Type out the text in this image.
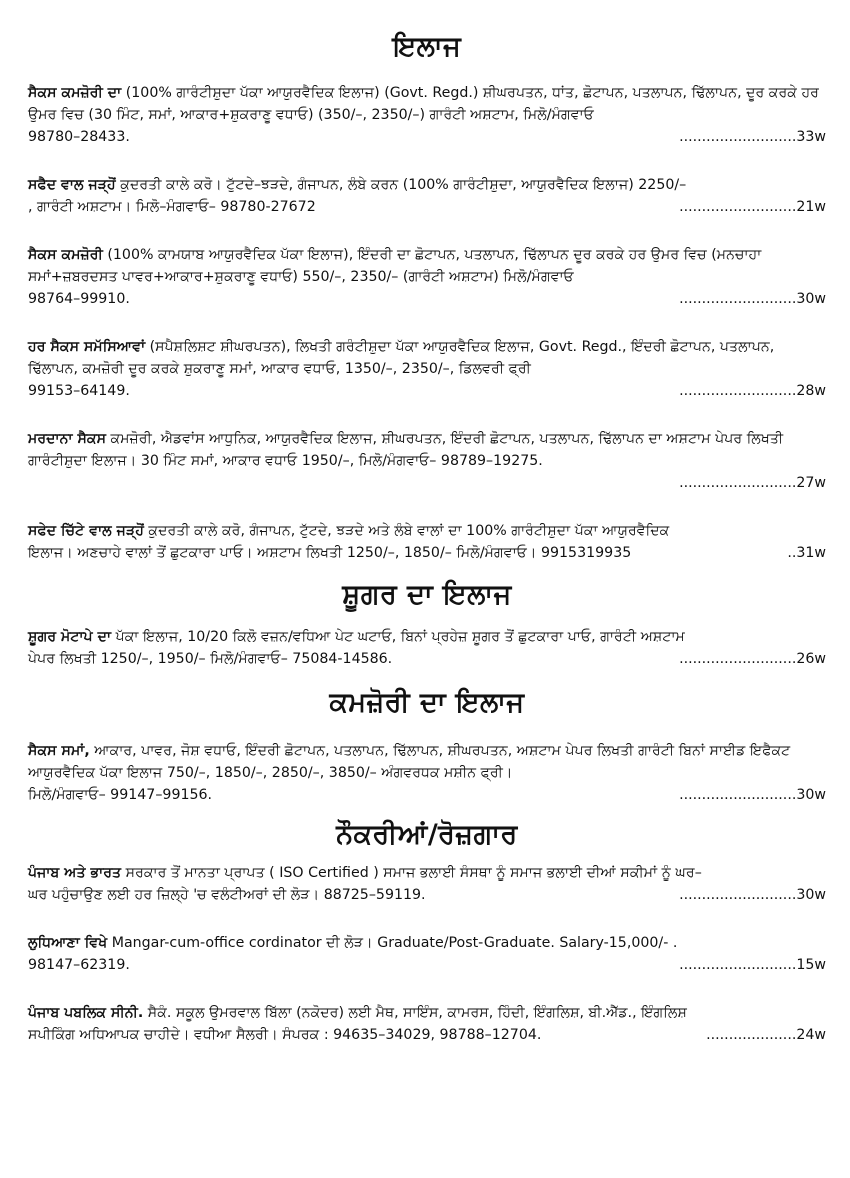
ਇਲਾਜ
ਸੈਕਸ ਕਮਜ਼ੋਰੀ ਦਾ (100% ਗਾਰੰਟੀਸ਼ੁਦਾ ਪੱਕਾ ਆਯੁਰਵੈਦਿਕ ਇਲਾਜ) (Govt. Regd.) ਸ਼ੀਘਰਪਤਨ, ਧਾਂਤ, ਛੋਟਾਪਨ, ਪਤਲਾਪਨ, ਢਿੱਲਾਪਨ, ਦੂਰ ਕਰਕੇ ਹਰ ਉਮਰ ਵਿਚ (30 ਮਿੰਟ, ਸਮਾਂ, ਆਕਾਰ+ਸ਼ੁਕਰਾਣੂ ਵਧਾਓ) (350/–, 2350/–) ਗਾਰੰਟੀ ਅਸ਼ਟਾਮ, ਮਿਲੋ/ਮੰਗਵਾਓ
98780–28433.	..........................33w
ਸਫੈਦ ਵਾਲ ਜੜ੍ਹੋਂ ਕੁਦਰਤੀ ਕਾਲੇ ਕਰੋ। ਟੁੱਟਦੇ–ਝੜਦੇ, ਗੰਜਾਪਨ, ਲੰਬੇ ਕਰਨ (100% ਗਾਰੰਟੀਸ਼ੁਦਾ, ਆਯੁਰਵੈਦਿਕ ਇਲਾਜ) 2250/–
, ਗਾਰੰਟੀ ਅਸ਼ਟਾਮ। ਮਿਲੋ–ਮੰਗਵਾਓ– 98780-27672	..........................21w
ਸੈਕਸ ਕਮਜ਼ੋਰੀ (100% ਕਾਮਯਾਬ ਆਯੁਰਵੈਦਿਕ ਪੱਕਾ ਇਲਾਜ), ਇੰਦਰੀ ਦਾ ਛੋਟਾਪਨ, ਪਤਲਾਪਨ, ਢਿੱਲਾਪਨ ਦੂਰ ਕਰਕੇ ਹਰ ਉਮਰ ਵਿਚ (ਮਨਚਾਹਾ ਸਮਾਂ+ਜ਼ਬਰਦਸਤ ਪਾਵਰ+ਆਕਾਰ+ਸ਼ੁਕਰਾਣੂ ਵਧਾਓ) 550/–, 2350/– (ਗਾਰੰਟੀ ਅਸ਼ਟਾਮ) ਮਿਲੋ/ਮੰਗਵਾਓ
98764–99910.	..........................30w
ਹਰ ਸੈਕਸ ਸਮੱਸਿਆਵਾਂ (ਸਪੈਸ਼ਲਿਸ਼ਟ ਸ਼ੀਘਰਪਤਨ), ਲਿਖਤੀ ਗਰੰਟੀਸ਼ੁਦਾ ਪੱਕਾ ਆਯੁਰਵੈਦਿਕ ਇਲਾਜ, Govt. Regd., ਇੰਦਰੀ ਛੋਟਾਪਨ, ਪਤਲਾਪਨ, ਢਿੱਲਾਪਨ, ਕਮਜ਼ੋਰੀ ਦੂਰ ਕਰਕੇ ਸ਼ੁਕਰਾਣੂ ਸਮਾਂ, ਆਕਾਰ ਵਧਾਓ, 1350/–, 2350/–, ਡਿਲਵਰੀ ਫ੍ਰੀ
99153–64149.	..........................28w
ਮਰਦਾਨਾ ਸੈਕਸ ਕਮਜ਼ੋਰੀ, ਐਡਵਾਂਸ ਆਧੁਨਿਕ, ਆਯੁਰਵੈਦਿਕ ਇਲਾਜ, ਸ਼ੀਘਰਪਤਨ, ਇੰਦਰੀ ਛੋਟਾਪਨ, ਪਤਲਾਪਨ, ਢਿੱਲਾਪਨ ਦਾ ਅਸ਼ਟਾਮ ਪੇਪਰ ਲਿਖਤੀ ਗਾਰੰਟੀਸ਼ੁਦਾ ਇਲਾਜ। 30 ਮਿੰਟ ਸਮਾਂ, ਆਕਾਰ ਵਧਾਓ 1950/–, ਮਿਲੋ/ਮੰਗਵਾਓ– 98789–19275.
..........................27w
ਸਫੇਦ ਚਿੱਟੇ ਵਾਲ ਜੜ੍ਹੋਂ ਕੁਦਰਤੀ ਕਾਲੇ ਕਰੋ, ਗੰਜਾਪਨ, ਟੁੱਟਦੇ, ਝੜਦੇ ਅਤੇ ਲੰਬੇ ਵਾਲਾਂ ਦਾ 100% ਗਾਰੰਟੀਸ਼ੁਦਾ ਪੱਕਾ ਆਯੁਰਵੈਦਿਕ
ਇਲਾਜ। ਅਣਚਾਹੇ ਵਾਲਾਂ ਤੋਂ ਛੁਟਕਾਰਾ ਪਾਓ। ਅਸ਼ਟਾਮ ਲਿਖਤੀ 1250/–, 1850/– ਮਿਲੋ/ਮੰਗਵਾਓ। 9915319935	..31w
ਸ਼ੂਗਰ ਦਾ ਇਲਾਜ
ਸ਼ੂਗਰ ਮੋਟਾਪੇ ਦਾ ਪੱਕਾ ਇਲਾਜ, 10/20 ਕਿਲੋ ਵਜ਼ਨ/ਵਧਿਆ ਪੇਟ ਘਟਾਓ, ਬਿਨਾਂ ਪ੍ਰਹੇਜ਼ ਸ਼ੂਗਰ ਤੋਂ ਛੁਟਕਾਰਾ ਪਾਓ, ਗਾਰੰਟੀ ਅਸ਼ਟਾਮ
ਪੇਪਰ ਲਿਖਤੀ 1250/–, 1950/– ਮਿਲੋ/ਮੰਗਵਾਓ– 75084-14586.	..........................26w
ਕਮਜ਼ੋਰੀ ਦਾ ਇਲਾਜ
ਸੈਕਸ ਸਮਾਂ, ਆਕਾਰ, ਪਾਵਰ, ਜੋਸ਼ ਵਧਾਓ, ਇੰਦਰੀ ਛੋਟਾਪਨ, ਪਤਲਾਪਨ, ਢਿੱਲਾਪਨ, ਸ਼ੀਘਰਪਤਨ, ਅਸ਼ਟਾਮ ਪੇਪਰ ਲਿਖਤੀ ਗਾਰੰਟੀ ਬਿਨਾਂ ਸਾਈਡ ਇਫੈਕਟ ਆਯੁਰਵੈਦਿਕ ਪੱਕਾ ਇਲਾਜ 750/–, 1850/–, 2850/–, 3850/– ਅੰਗਵਰਧਕ ਮਸ਼ੀਨ ਫ੍ਰੀ।
ਮਿਲੋ/ਮੰਗਵਾਓ– 99147–99156.	..........................30w
ਨੌਕਰੀਆਂ/ਰੋਜ਼ਗਾਰ
ਪੰਜਾਬ ਅਤੇ ਭਾਰਤ ਸਰਕਾਰ ਤੋਂ ਮਾਨਤਾ ਪ੍ਰਾਪਤ ( ISO Certified ) ਸਮਾਜ ਭਲਾਈ ਸੰਸਥਾ ਨੂੰ ਸਮਾਜ ਭਲਾਈ ਦੀਆਂ ਸਕੀਮਾਂ ਨੂੰ ਘਰ–
ਘਰ ਪਹੁੰਚਾਉਣ ਲਈ ਹਰ ਜ਼ਿਲ੍ਹੇ 'ਚ ਵਲੰਟੀਅਰਾਂ ਦੀ ਲੋੜ। 88725–59119.	..........................30w
ਲੁਧਿਆਣਾ ਵਿਖੇ Mangar-cum-office cordinator ਦੀ ਲੋੜ। Graduate/Post-Graduate. Salary-15,000/- .
98147–62319.	..........................15w
ਪੰਜਾਬ ਪਬਲਿਕ ਸੀਨੀ. ਸੈਕੰ. ਸਕੂਲ ਉਮਰਵਾਲ ਬਿੱਲਾ (ਨਕੋਦਰ) ਲਈ ਮੈਥ, ਸਾਇੰਸ, ਕਾਮਰਸ, ਹਿੰਦੀ, ਇੰਗਲਿਸ਼, ਬੀ.ਐੱਡ., ਇੰਗਲਿਸ਼
ਸਪੀਕਿੰਗ ਅਧਿਆਪਕ ਚਾਹੀਦੇ। ਵਧੀਆ ਸੈਲਰੀ। ਸੰਪਰਕ : 94635–34029, 98788–12704.	....................24w
